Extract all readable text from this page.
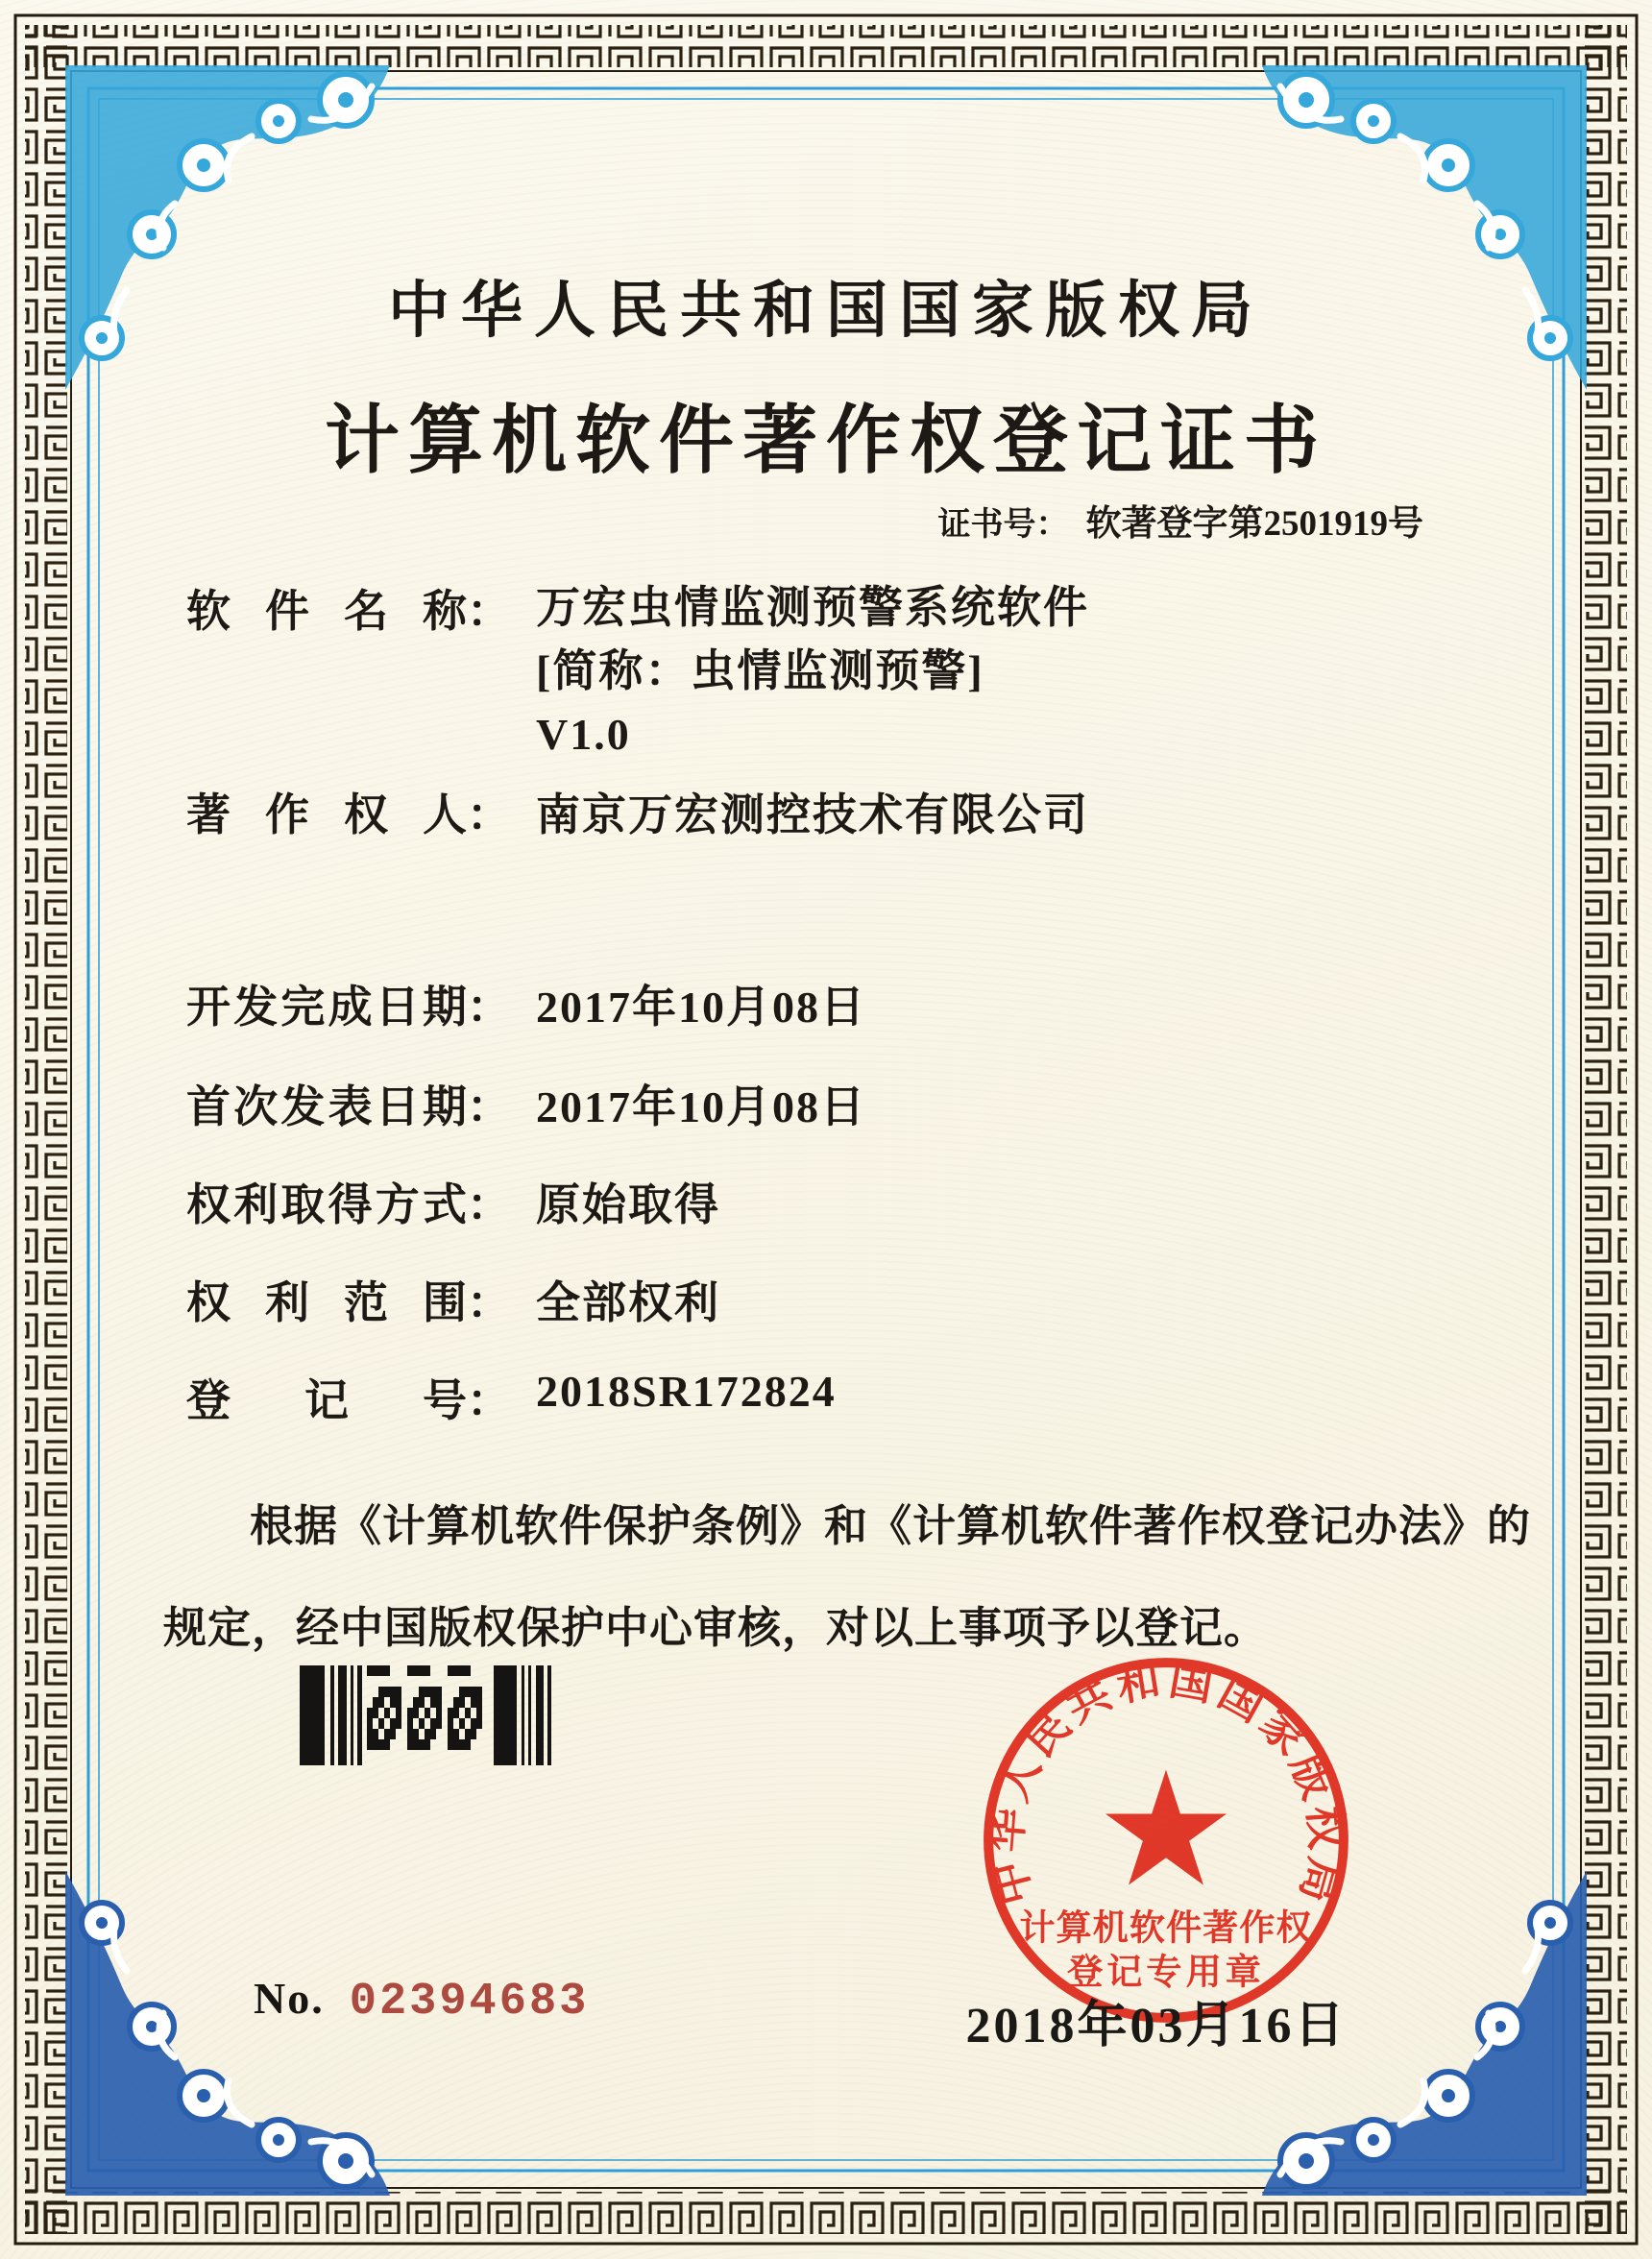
中华人民共和国国家版权局
计算机软件著作权登记证书
证书号： 软著登字第2501919号
软件名称： 万宏虫情监测预警系统软件
[简称：虫情监测预警]
V1.0
著作权人： 南京万宏测控技术有限公司
开发完成日期： 2017年10月08日
首次发表日期： 2017年10月08日
权利取得方式： 原始取得
权利范围： 全部权利
登记号： 2018SR172824
根据《计算机软件保护条例》和《计算机软件著作权登记办法》的
规定，经中国版权保护中心审核，对以上事项予以登记。
中华人民共和国国家版权局
计算机软件著作权
登记专用章
2018年03月16日
No. 02394683
